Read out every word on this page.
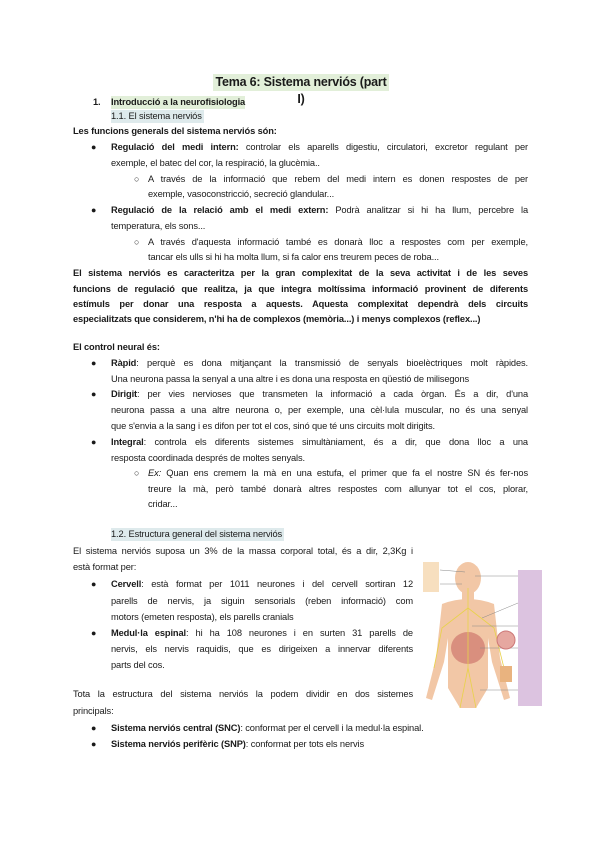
Tema 6: Sistema nerviós (part I)
1. Introducció a la neurofisiologia
1.1. El sistema nerviós
1.2. Estructura general del sistema nerviós
Les funcions generals del sistema nerviós són:
● Regulació del medi intern: controlar els aparells digestiu, circulatori, excretor regulant per
exemple, el batec del cor, la respiració, la glucèmia..
○ A través de la informació que rebem del medi intern es donen respostes de per
exemple, vasoconstricció, secreció glandular...
● Regulació de la relació amb el medi extern: Podrà analitzar si hi ha llum, percebre la
temperatura, els sons...
○ A través d'aquesta informació també es donarà lloc a respostes com per exemple,
tancar els ulls si hi ha molta llum, si fa calor ens treurem peces de roba...
El sistema nerviós es caracteritza per la gran complexitat de la seva activitat i de les seves
funcions de regulació que realitza, ja que integra moltíssima informació provinent de diferents
estímuls per donar una resposta a aquests. Aquesta complexitat dependrà dels circuits
especialitzats que considerem, n'hi ha de complexos (memòria...) i menys complexos (reflex...)
El control neural és:
● Ràpid: perquè es dona mitjançant la transmissió de senyals bioelèctriques molt ràpides.
Una neurona passa la senyal a una altre i es dona una resposta en qüestió de milisegons
● Dirigit: per vies nervioses que transmeten la informació a cada òrgan. És a dir, d'una
neurona passa a una altre neurona o, per exemple, una cèl·lula muscular, no és una senyal
que s'envia a la sang i es difon per tot el cos, sinó que té uns circuits molt dirigits.
● Integral: controla els diferents sistemes simultàniament, és a dir, que dona lloc a una
resposta coordinada després de moltes senyals.
○ Ex: Quan ens cremem la mà en una estufa, el primer que fa el nostre SN és fer-nos
treure la mà, però també donarà altres respostes com allunyar tot el cos, plorar,
cridar...
El sistema nerviós suposa un 3% de la massa corporal total, és a dir, 2,3Kg i
està format per:
● Cervell: està format per 1011 neurones i del cervell sortiran 12
parells de nervis, ja siguin sensorials (reben informació) com
motors (emeten resposta), els parells cranials
● Medul·la espinal: hi ha 108 neurones i en surten 31 parells de
nervis, els nervis raquidis, que es dirigeixen a innervar diferents
parts del cos.
Tota la estructura del sistema nerviós la podem dividir en dos sistemes
principals:
● Sistema nerviós central (SNC): conformat per el cervell i la medul·la espinal.
● Sistema nerviós perifèric (SNP): conformat per tots els nervis
